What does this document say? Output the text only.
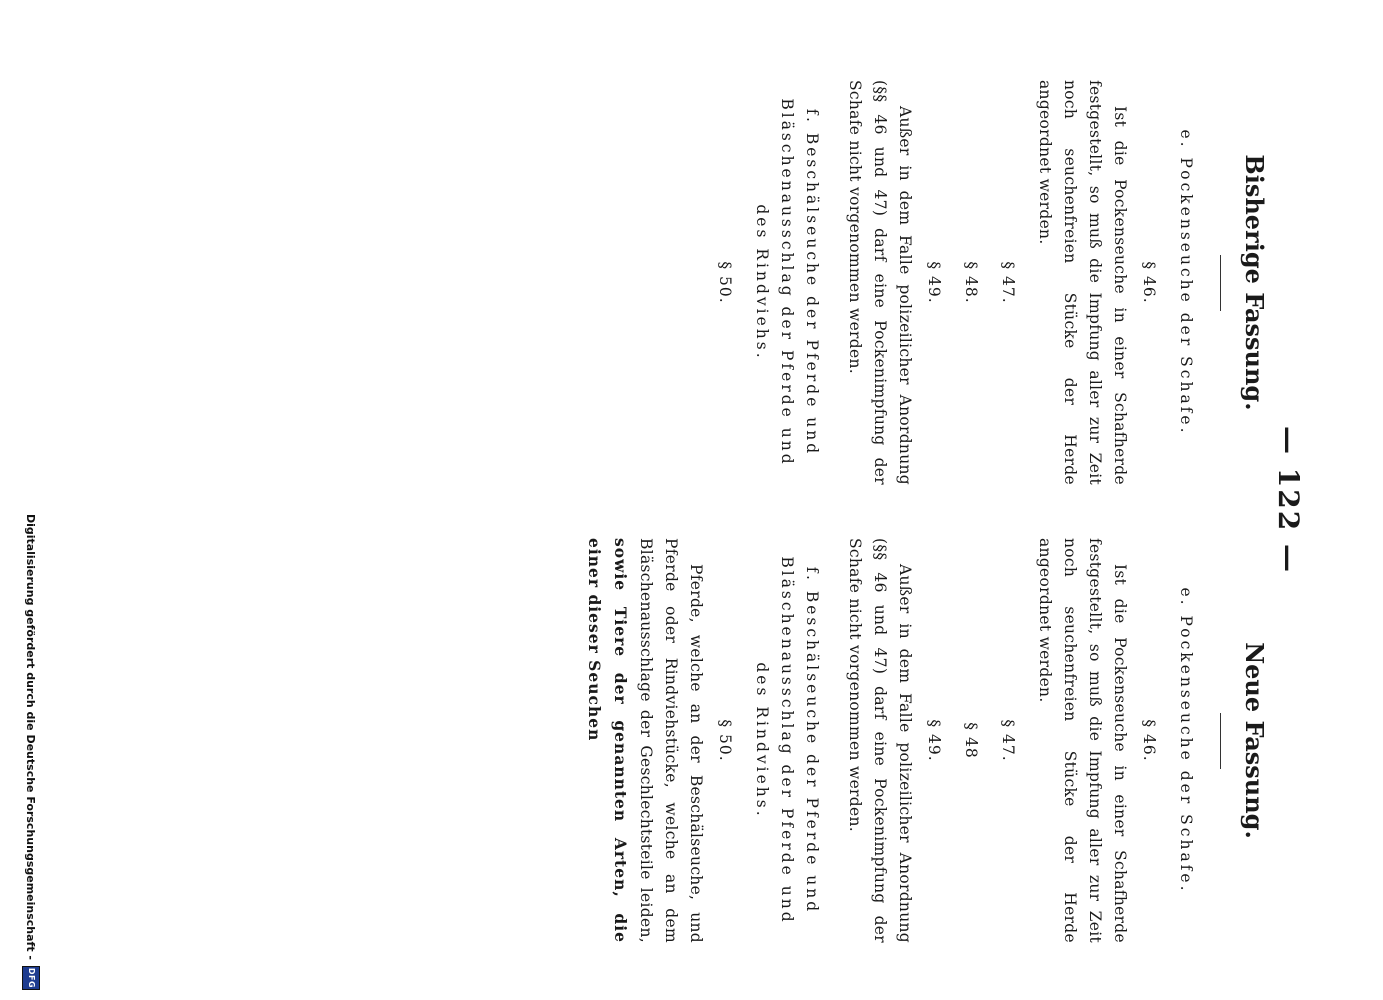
— 122 —
Bisherige Fassung.

e. Pockenseuche der Schafe.

§ 46.

Ist die Pockenseuche in einer Schafherde festgestellt, so muß die Impfung aller zur Zeit noch seuchenfreien Stücke der Herde angeordnet werden.

§ 47.

§ 48.

§ 49.

Außer in dem Falle polizeilicher Anordnung (§§ 46 und 47) darf eine Pockenimpfung der Schafe nicht vorgenommen werden.

f. Beschälseuche der Pferde und Bläschenausschlag der Pferde und des Rindviehs.

§ 50.

Neue Fassung.

e. Pockenseuche der Schafe.

§ 46.

Ist die Pockenseuche in einer Schafherde festgestellt, so muß die Impfung aller zur Zeit noch seuchenfreien Stücke der Herde angeordnet werden.

§ 47.

§ 48

§ 49.

Außer in dem Falle polizeilicher Anordnung (§§ 46 und 47) darf eine Pockenimpfung der Schafe nicht vorgenommen werden.

f. Beschälseuche der Pferde und Bläschenausschlag der Pferde und des Rindviehs.

§ 50.

Pferde, welche an der Beschälseuche, und Pferde oder Rindviehstücke, welche an dem Bläschenausschlage der Geschlechtsteile leiden, sowie Tiere der genannten Arten, die einer dieser Seuchen

Digitalisierung gefördert durch die Deutsche Forschungsgemeinschaft -
DFG
